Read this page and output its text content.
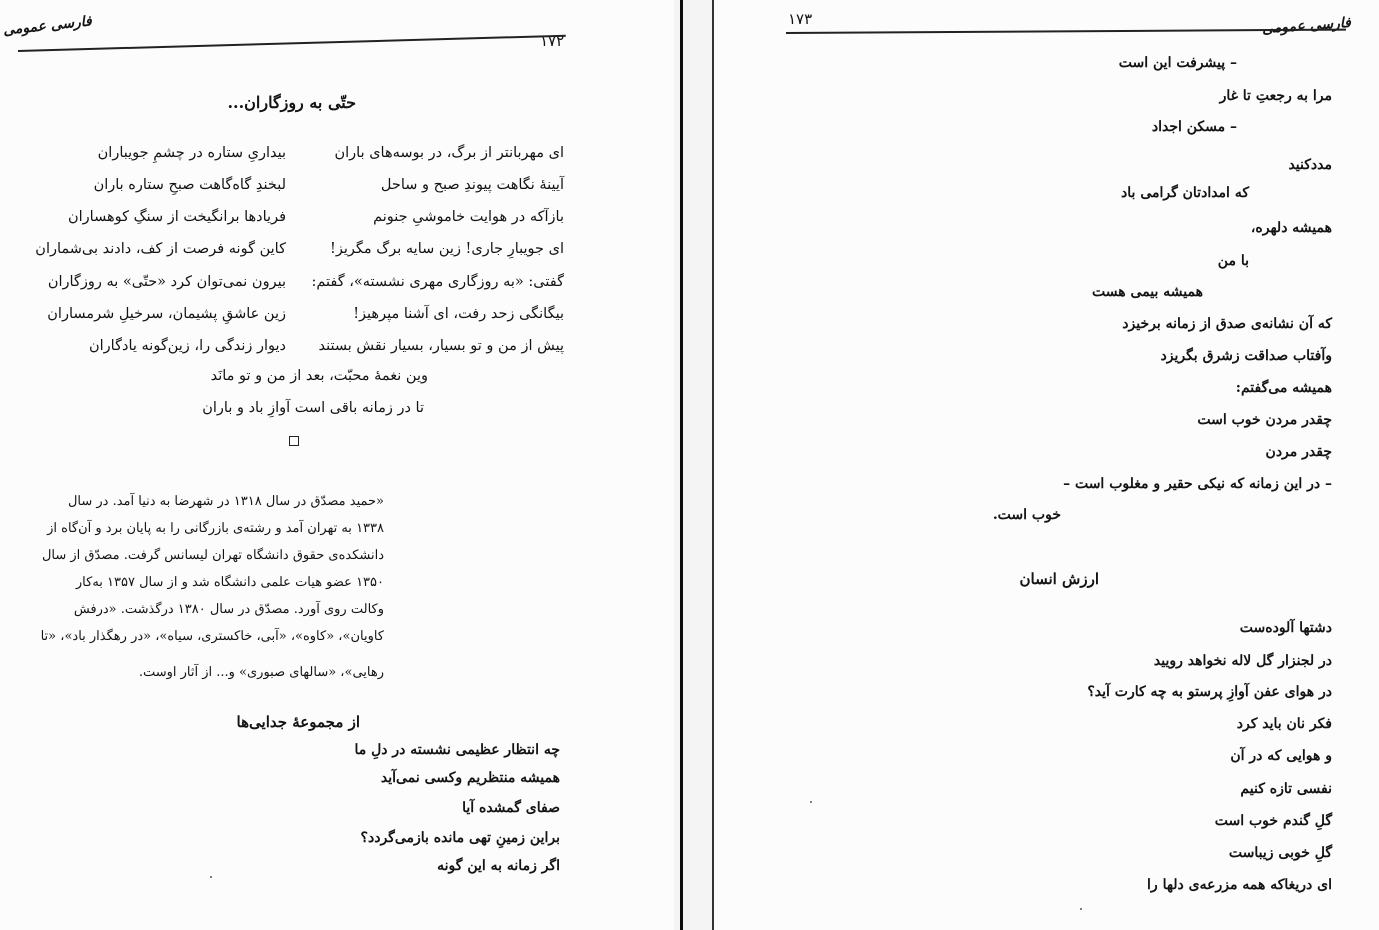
فارسی عمومی
۱۷۲
حتّی به روزگاران...
ای مهربانتر از برگ، در بوسه‌های باران
بیداریِ ستاره در چشمِ جویباران
آیینهٔ نگاهت پیوندِ صبح و ساحل
لبخندِ گاه‌گاهت صبحِ ستاره باران
بازآکه در هوایت خاموشیِ جنونم
فریادها برانگیخت از سنگِ کوهساران
ای جویبارِ جاری! زین سایه برگ مگریز!
کاین گونه فرصت از کف، دادند بی‌شماران
گفتی: «به روزگاری مهری نشسته»، گفتم:
بیرون نمی‌توان کرد «حتّی» به روزگاران
بیگانگی زحد رفت، ای آشنا مپرهیز!
زین عاشقِ پشیمان، سرخیلِ شرمساران
پیش از من و تو بسیار، بسیار نقش بستند
دیوار زندگی را، زین‌گونه یادگاران
وین نغمهٔ محبّت، بعد از من و تو مانَد
تا در زمانه باقی است آوازِ باد و باران
«حمید مصدّق در سال ۱۳۱۸ در شهرضا به دنیا آمد. در سال
۱۳۳۸ به تهران آمد و رشته‌ی بازرگانی را به پایان برد و آن‌گاه از
دانشکده‌ی حقوق دانشگاه تهران لیسانس گرفت. مصدّق از سال
۱۳۵۰ عضو هیات علمی دانشگاه شد و از سال ۱۳۵۷ به‌کار
وکالت روی آورد. مصدّق در سال ۱۳۸۰ درگذشت. «درفش
کاویان»، «کاوه»، «آبی، خاکستری، سیاه»، «در رهگذار باد»، «تا
رهایی»، «سالهای صبوری» و... از آثار اوست.
از مجموعهٔ جدایی‌ها
چه انتظار عظیمی نشسته در دلِ ما
همیشه منتظریم وکسی نمی‌آید
صفای گمشده آیا
براین زمینِ تهی مانده بازمی‌گردد؟
اگر زمانه به این گونه
فارسی عمومی
۱۷۳
– پیشرفت این است
مرا به رجعتِ تا غار
– مسکن اجداد
مددکنید
که امدادتان گرامی باد
همیشه دلهره،
با من
همیشه بیمی هست
که آن نشانه‌ی صدق از زمانه برخیزد
وآفتاب صداقت زشرق بگریزد
همیشه می‌گفتم:
چقدر مردن خوب است
چقدر مردن
– در این زمانه که نیکی حقیر و مغلوب است –
خوب است.
ارزش انسان
دشتها آلوده‌ست
در لجنزار گل لاله نخواهد رویید
در هوای عفن آوازِ پرستو به چه کارت آید؟
فکر نان باید کرد
و هوایی که در آن
نفسی تازه کنیم
گلِ گندم خوب است
گلِ خوبی زیباست
ای دریغاکه همه مزرعه‌ی دلها را
